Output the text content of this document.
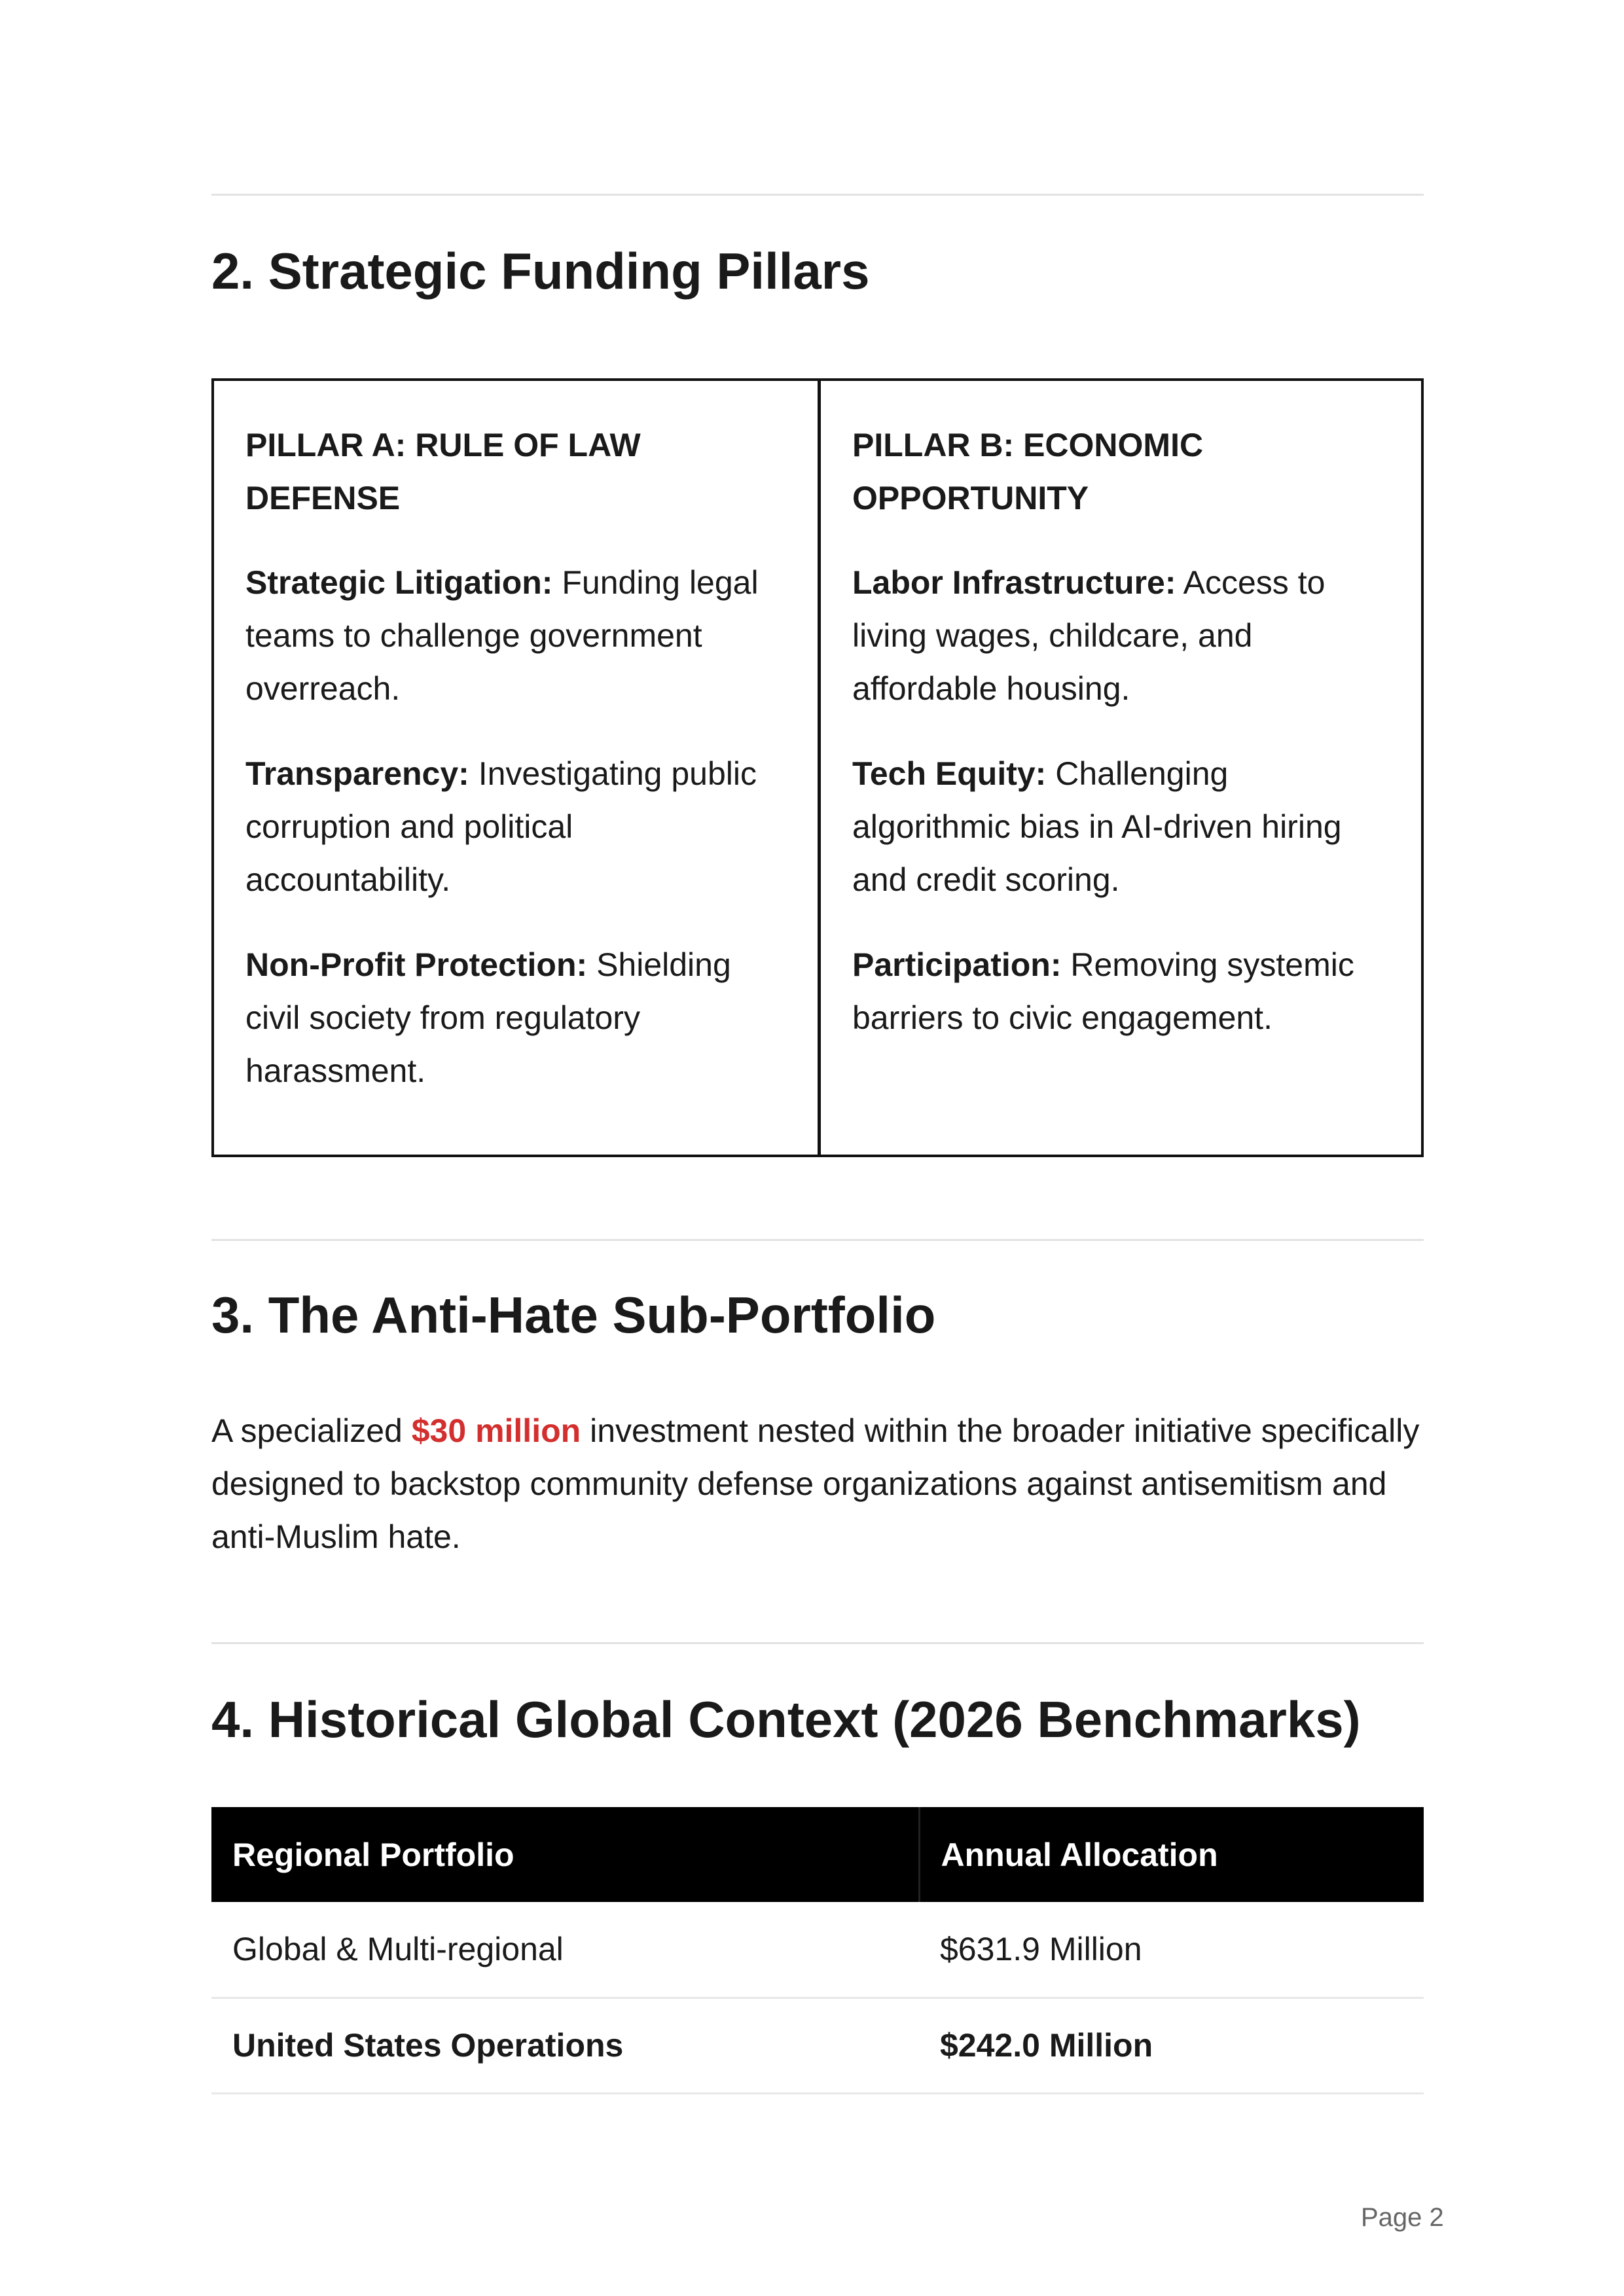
2. Strategic Funding Pillars
PILLAR A: RULE OF LAW
DEFENSE

Strategic Litigation: Funding legal teams to challenge government overreach.

Transparency: Investigating public corruption and political accountability.

Non-Profit Protection: Shielding civil society from regulatory harassment.

PILLAR B: ECONOMIC
OPPORTUNITY

Labor Infrastructure: Access to living wages, childcare, and affordable housing.

Tech Equity: Challenging algorithmic bias in AI-driven hiring and credit scoring.

Participation: Removing systemic barriers to civic engagement.

3. The Anti-Hate Sub-Portfolio

A specialized $30 million investment nested within the broader initiative specifically designed to backstop community defense organizations against antisemitism and anti-Muslim hate.

4. Historical Global Context (2026 Benchmarks)
Regional Portfolio	Annual Allocation
Global & Multi-regional	$631.9 Million
United States Operations	$242.0 Million
Page 2
